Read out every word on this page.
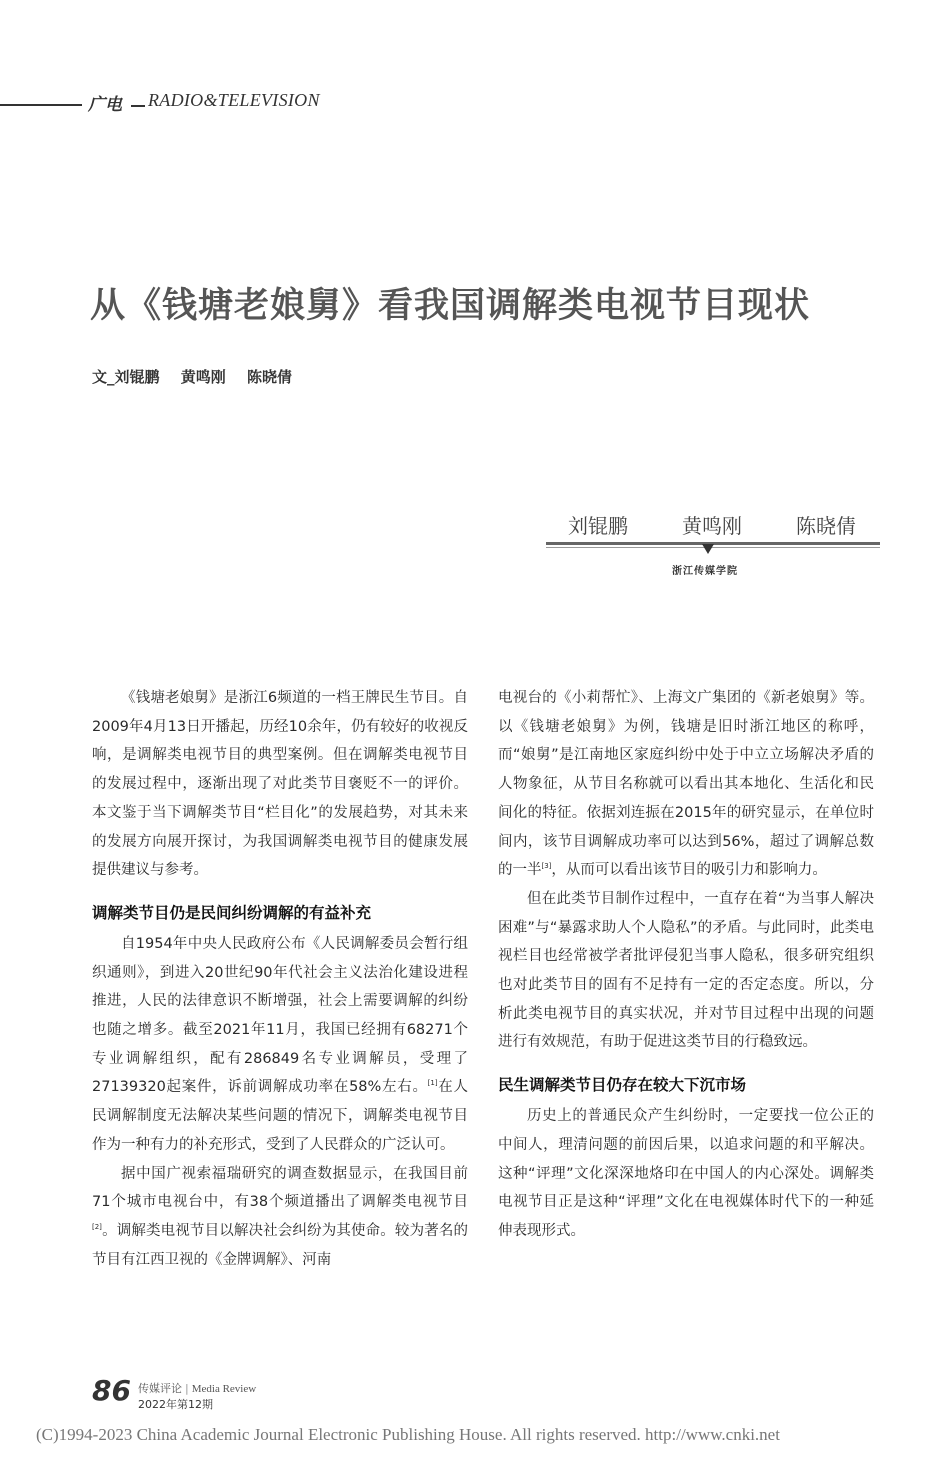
广电 RADIO&TELEVISION
从《钱塘老娘舅》看我国调解类电视节目现状
文_刘锟鹏 黄鸣刚 陈晓倩
刘锟鹏	黄鸣刚	陈晓倩
浙江传媒学院

《钱塘老娘舅》是浙江6频道的一档王牌民生节目。自2009年4月13日开播起，历经10余年，仍有较好的收视反响，是调解类电视节目的典型案例。但在调解类电视节目的发展过程中，逐渐出现了对此类节目褒贬不一的评价。本文鉴于当下调解类节目“栏目化”的发展趋势，对其未来的发展方向展开探讨，为我国调解类电视节目的健康发展提供建议与参考。

调解类节目仍是民间纠纷调解的有益补充

自1954年中央人民政府公布《人民调解委员会暂行组织通则》，到进入20世纪90年代社会主义法治化建设进程推进，人民的法律意识不断增强，社会上需要调解的纠纷也随之增多。截至2021年11月，我国已经拥有68271个专业调解组织，配有286849名专业调解员，受理了27139320起案件，诉前调解成功率在58%左右。[1]在人民调解制度无法解决某些问题的情况下，调解类电视节目作为一种有力的补充形式，受到了人民群众的广泛认可。

据中国广视索福瑞研究的调查数据显示，在我国目前71个城市电视台中，有38个频道播出了调解类电视节目[2]。调解类电视节目以解决社会纠纷为其使命。较为著名的节目有江西卫视的《金牌调解》、河南

电视台的《小莉帮忙》、上海文广集团的《新老娘舅》等。以《钱塘老娘舅》为例，钱塘是旧时浙江地区的称呼，而“娘舅”是江南地区家庭纠纷中处于中立立场解决矛盾的人物象征，从节目名称就可以看出其本地化、生活化和民间化的特征。依据刘连振在2015年的研究显示，在单位时间内，该节目调解成功率可以达到56%，超过了调解总数的一半[3]，从而可以看出该节目的吸引力和影响力。

但在此类节目制作过程中，一直存在着“为当事人解决困难”与“暴露求助人个人隐私”的矛盾。与此同时，此类电视栏目也经常被学者批评侵犯当事人隐私，很多研究组织也对此类节目的固有不足持有一定的否定态度。所以，分析此类电视节目的真实状况，并对节目过程中出现的问题进行有效规范，有助于促进这类节目的行稳致远。

民生调解类节目仍存在较大下沉市场

历史上的普通民众产生纠纷时，一定要找一位公正的中间人，理清问题的前因后果，以追求问题的和平解决。这种“评理”文化深深地烙印在中国人的内心深处。调解类电视节目正是这种“评理”文化在电视媒体时代下的一种延伸表现形式。

86 传媒评论 | Media Review
2022年第12期
(C)1994-2023 China Academic Journal Electronic Publishing House. All rights reserved. http://www.cnki.net
